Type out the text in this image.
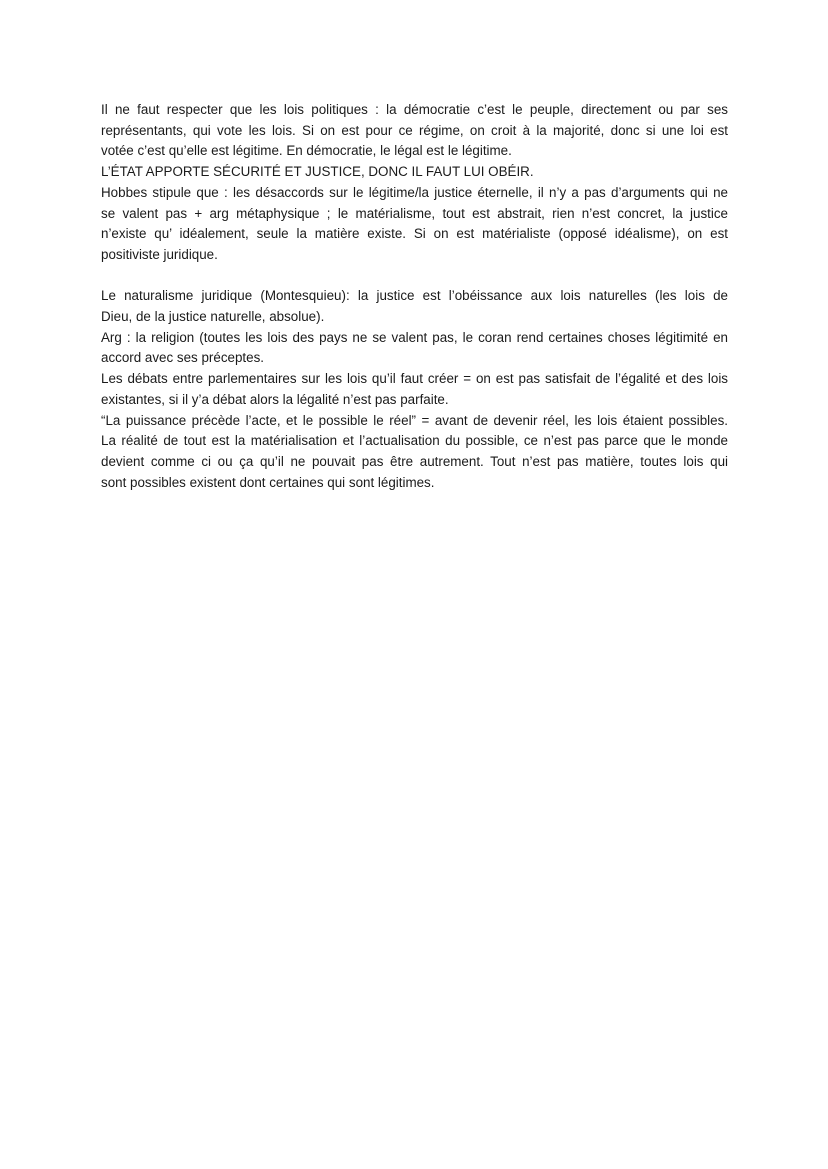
Il ne faut respecter que les lois politiques : la démocratie c’est le peuple, directement ou par ses
représentants, qui vote les lois. Si on est pour ce régime, on croit à la majorité, donc si une loi est
votée c’est qu’elle est légitime. En démocratie, le légal est le légitime.
L’ÉTAT APPORTE SÉCURITÉ ET JUSTICE, DONC IL FAUT LUI OBÉIR.
Hobbes stipule que : les désaccords sur le légitime/la justice éternelle, il n’y a pas d’arguments qui ne
se valent pas + arg métaphysique ; le matérialisme, tout est abstrait, rien n’est concret, la justice
n’existe qu’ idéalement, seule la matière existe. Si on est matérialiste (opposé idéalisme), on est
positiviste juridique.
Le naturalisme juridique (Montesquieu): la justice est l’obéissance aux lois naturelles (les lois de
Dieu, de la justice naturelle, absolue).
Arg : la religion (toutes les lois des pays ne se valent pas, le coran rend certaines choses légitimité en
accord avec ses préceptes.
Les débats entre parlementaires sur les lois qu’il faut créer = on est pas satisfait de l’égalité et des lois
existantes, si il y’a débat alors la légalité n’est pas parfaite.
“La puissance précède l’acte, et le possible le réel” = avant de devenir réel, les lois étaient possibles.
La réalité de tout est la matérialisation et l’actualisation du possible, ce n’est pas parce que le monde
devient comme ci ou ça qu’il ne pouvait pas être autrement. Tout n’est pas matière, toutes lois qui
sont possibles existent dont certaines qui sont légitimes.
